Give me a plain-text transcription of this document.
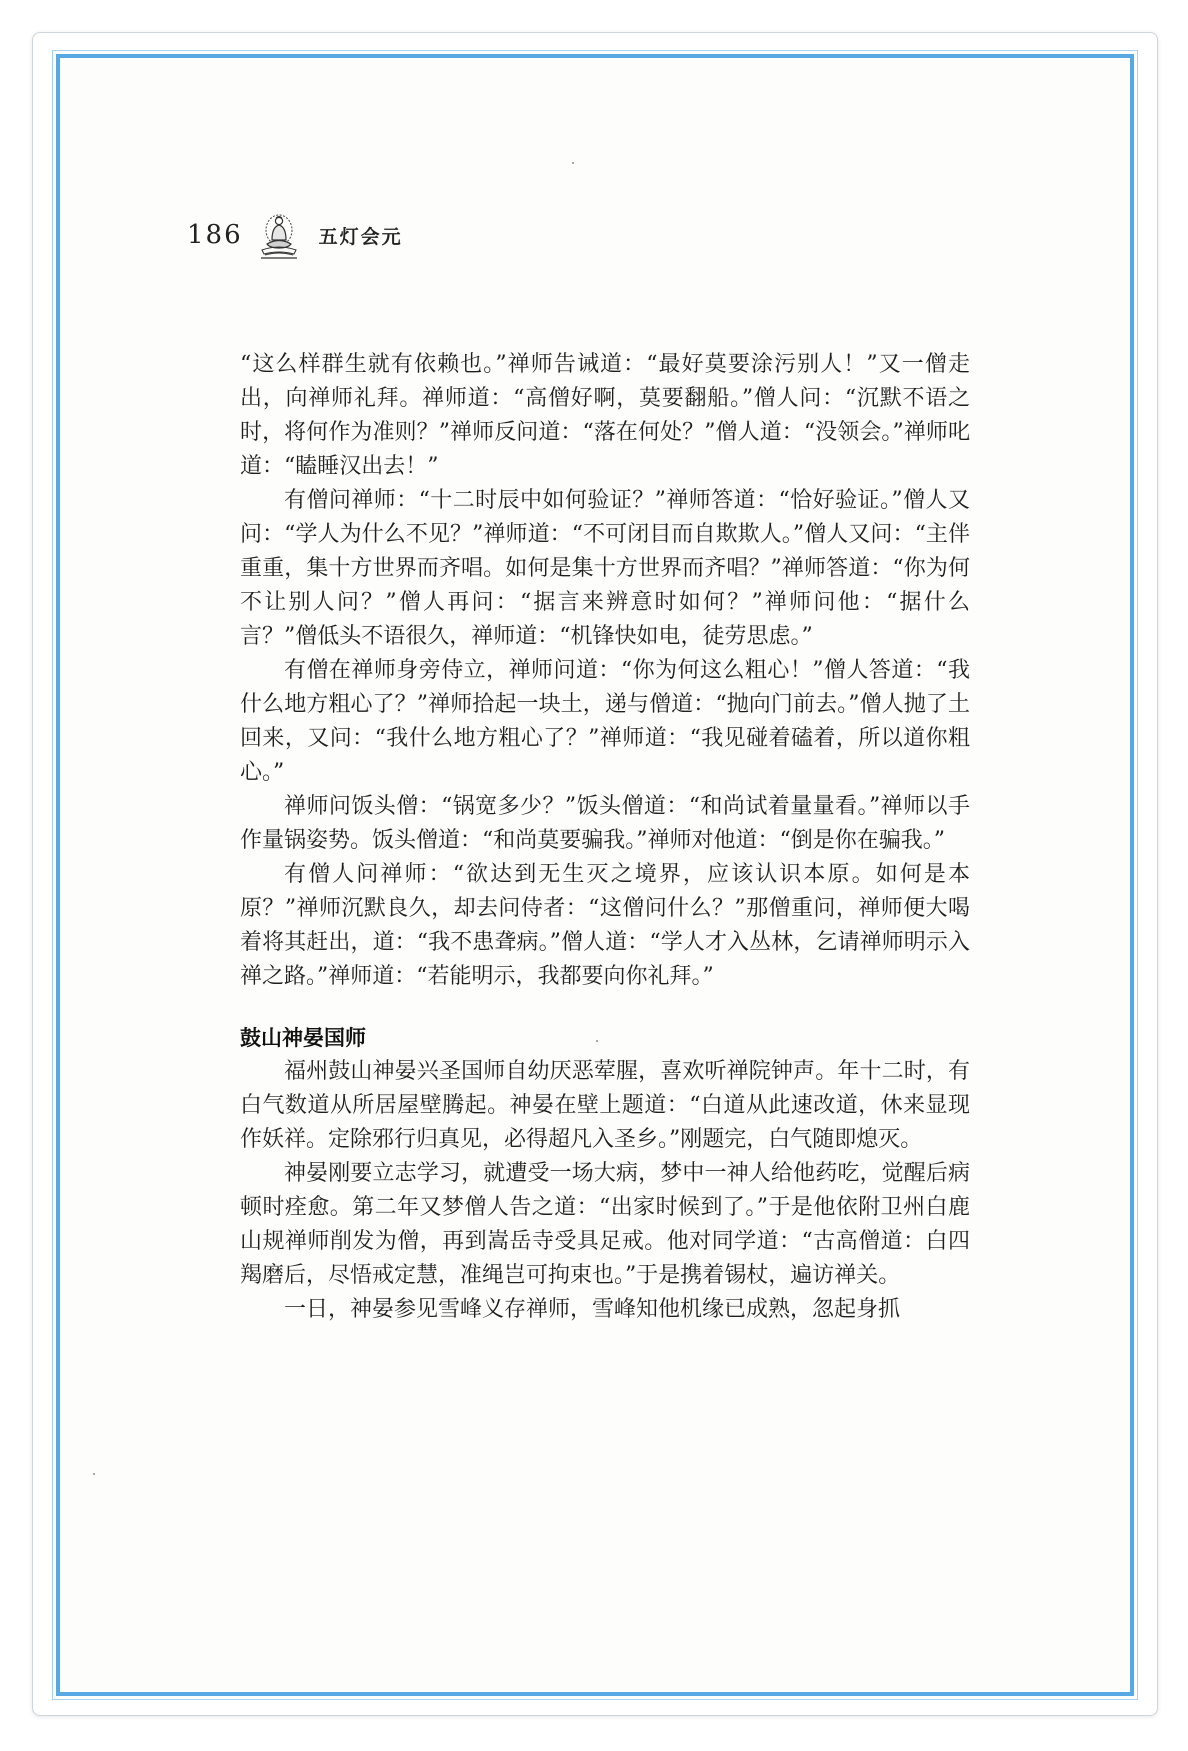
186	五灯会元

“这么样群生就有依赖也。”禅师告诫道：“最好莫要涂污别人！”又一僧走出，向禅师礼拜。禅师道：“高僧好啊，莫要翻船。”僧人问：“沉默不语之时，将何作为准则？”禅师反问道：“落在何处？”僧人道：“没领会。”禅师叱道：“瞌睡汉出去！”

有僧问禅师：“十二时辰中如何验证？”禅师答道：“恰好验证。”僧人又问：“学人为什么不见？”禅师道：“不可闭目而自欺欺人。”僧人又问：“主伴重重，集十方世界而齐唱。如何是集十方世界而齐唱？”禅师答道：“你为何不让别人问？”僧人再问：“据言来辨意时如何？”禅师问他：“据什么言？”僧低头不语很久，禅师道：“机锋快如电，徒劳思虑。”

有僧在禅师身旁侍立，禅师问道：“你为何这么粗心！”僧人答道：“我什么地方粗心了？”禅师拾起一块土，递与僧道：“抛向门前去。”僧人抛了土回来，又问：“我什么地方粗心了？”禅师道：“我见碰着磕着，所以道你粗心。”

禅师问饭头僧：“锅宽多少？”饭头僧道：“和尚试着量量看。”禅师以手作量锅姿势。饭头僧道：“和尚莫要骗我。”禅师对他道：“倒是你在骗我。”

有僧人问禅师：“欲达到无生灭之境界，应该认识本原。如何是本原？”禅师沉默良久，却去问侍者：“这僧问什么？”那僧重问，禅师便大喝着将其赶出，道：“我不患聋病。”僧人道：“学人才入丛林，乞请禅师明示入禅之路。”禅师道：“若能明示，我都要向你礼拜。”

鼓山神晏国师

福州鼓山神晏兴圣国师自幼厌恶荤腥，喜欢听禅院钟声。年十二时，有白气数道从所居屋壁腾起。神晏在壁上题道：“白道从此速改道，休来显现作妖祥。定除邪行归真见，必得超凡入圣乡。”刚题完，白气随即熄灭。

神晏刚要立志学习，就遭受一场大病，梦中一神人给他药吃，觉醒后病顿时痊愈。第二年又梦僧人告之道：“出家时候到了。”于是他依附卫州白鹿山规禅师削发为僧，再到嵩岳寺受具足戒。他对同学道：“古高僧道：白四羯磨后，尽悟戒定慧，准绳岂可拘束也。”于是携着锡杖，遍访禅关。

一日，神晏参见雪峰义存禅师，雪峰知他机缘已成熟，忽起身抓
